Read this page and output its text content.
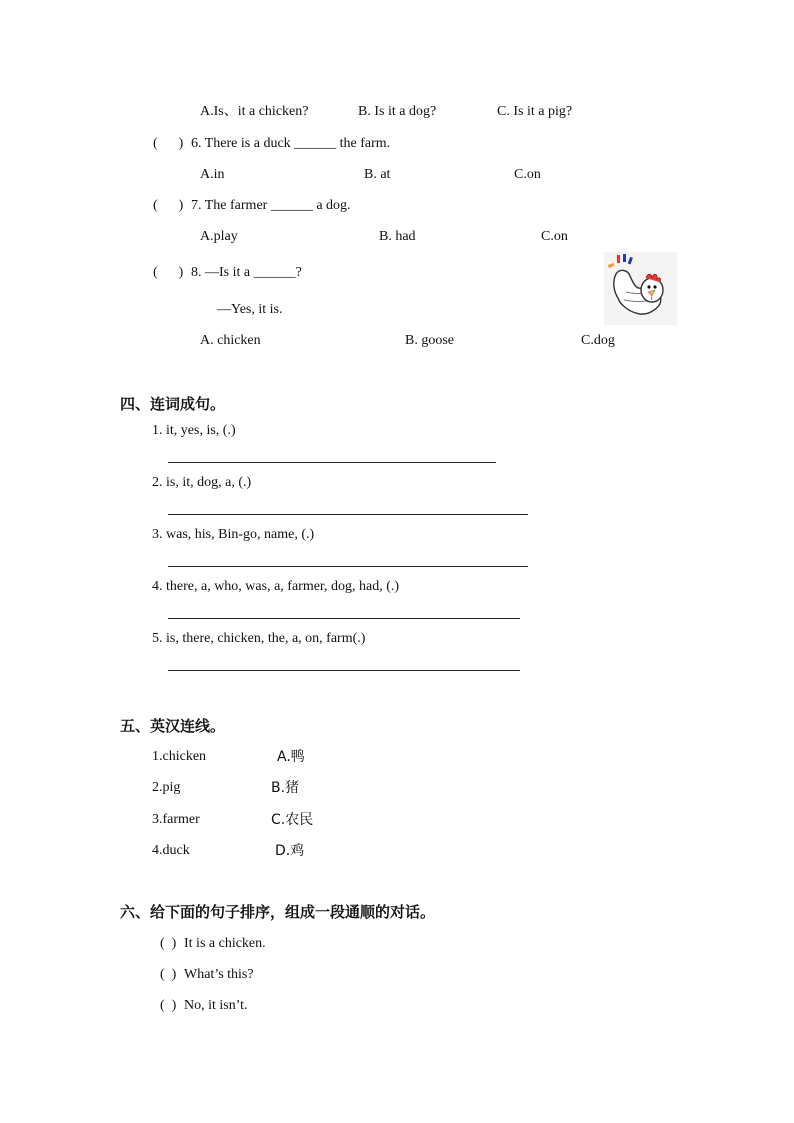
A.Is、it a chicken?	B. Is it a dog?	C. Is it a pig?
(      ) 6. There is a duck ______ the farm.
A.in	B. at	C.on
(      ) 7. The farmer ______ a dog.
A.play	B. had	C.on
(      ) 8. —Is it a ______?
—Yes, it is.
A. chicken	B. goose	C.dog
四、连词成句。
1. it, yes, is, (.)
2. is, it, dog, a, (.)
3. was, his, Bin-go, name, (.)
4. there, a, who, was, a, farmer, dog, had, (.)
5. is, there, chicken, the, a, on, farm(.)
五、英汉连线。
1.chicken	A.鸭
2.pig	B.猪
3.farmer	C.农民
4.duck	D.鸡
六、给下面的句子排序，组成一段通顺的对话。
(  ) It is a chicken.
(  ) What’s this?
(  ) No, it isn’t.
